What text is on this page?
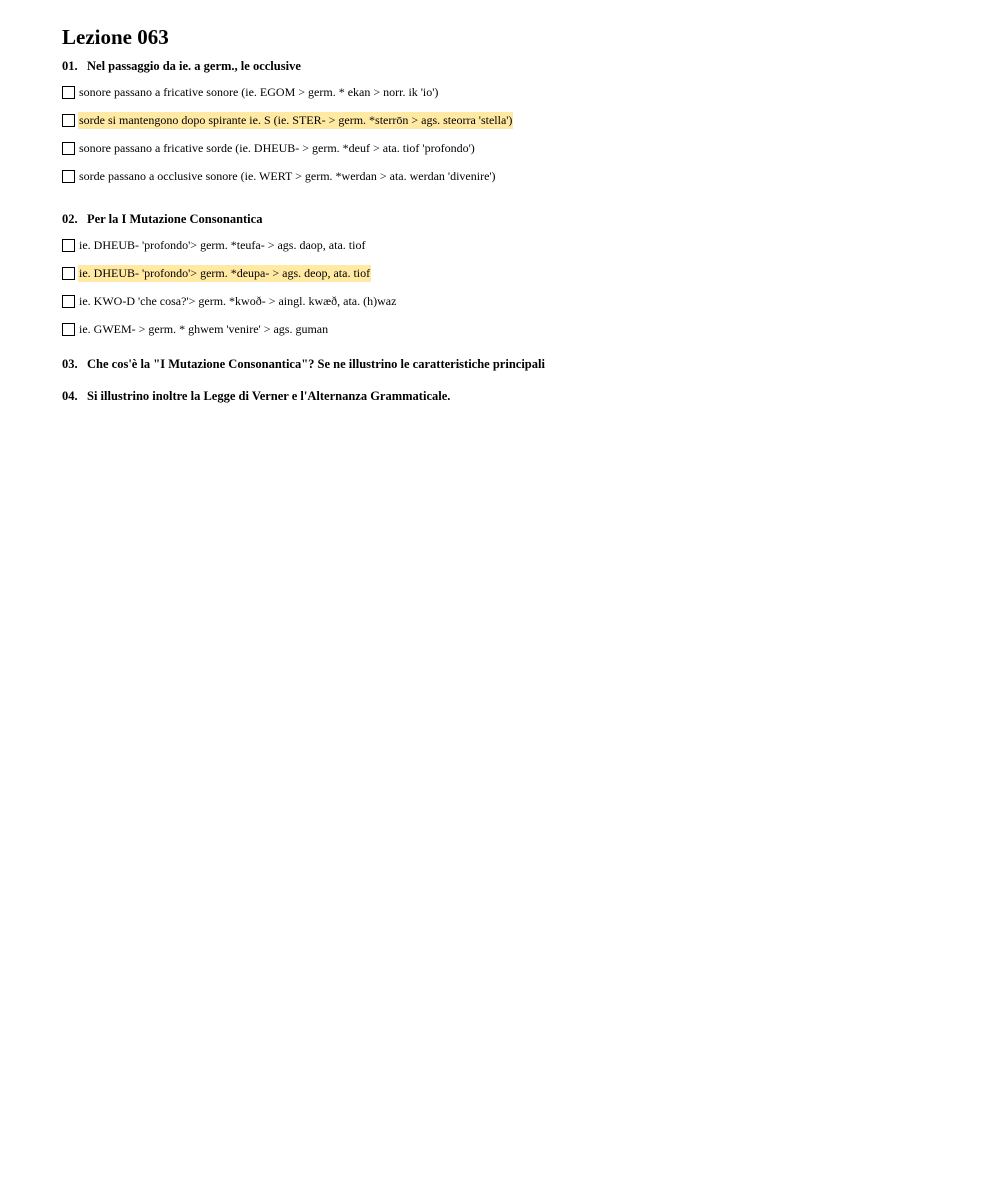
Lezione 063
01. Nel passaggio da ie. a germ., le occlusive
sonore passano a fricative sonore (ie. EGOM > germ. * ekan > norr. ik 'io')
sorde si mantengono dopo spirante ie. S (ie. STER- > germ. *sterrōn > ags. steorra 'stella')
sonore passano a fricative sorde (ie. DHEUB- > germ. *deuf > ata. tiof 'profondo')
sorde passano a occlusive sonore (ie. WERT > germ. *werdan > ata. werdan 'divenire')
02. Per la I Mutazione Consonantica
ie. DHEUB- 'profondo'> germ. *teufa- > ags. daop, ata. tiof
ie. DHEUB- 'profondo'> germ. *deupa- > ags. deop, ata. tiof
ie. KWO-D 'che cosa?'> germ. *kwoð- > aingl. kwæð, ata. (h)waz
ie. GWEM- > germ. * ghwem 'venire' > ags. guman
03. Che cos'è la "I Mutazione Consonantica"? Se ne illustrino le caratteristiche principali
04. Si illustrino inoltre la Legge di Verner e l'Alternanza Grammaticale.
